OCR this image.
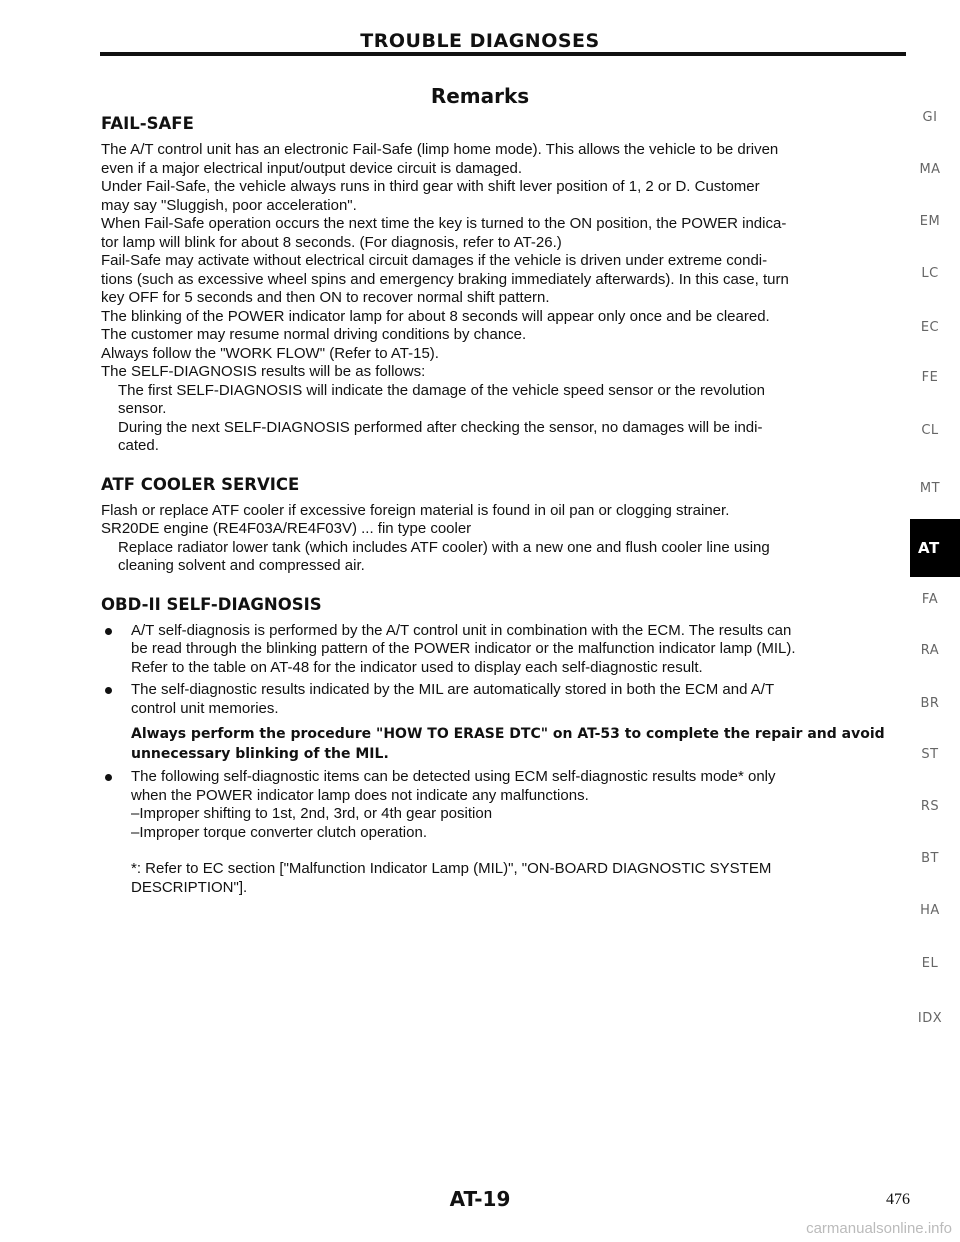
TROUBLE DIAGNOSES
Remarks
FAIL-SAFE

The A/T control unit has an electronic Fail-Safe (limp home mode). This allows the vehicle to be driven

even if a major electrical input/output device circuit is damaged.

Under Fail-Safe, the vehicle always runs in third gear with shift lever position of 1, 2 or D. Customer

may say "Sluggish, poor acceleration".

When Fail-Safe operation occurs the next time the key is turned to the ON position, the POWER indica-

tor lamp will blink for about 8 seconds. (For diagnosis, refer to AT-26.)

Fail-Safe may activate without electrical circuit damages if the vehicle is driven under extreme condi-

tions (such as excessive wheel spins and emergency braking immediately afterwards). In this case, turn

key OFF for 5 seconds and then ON to recover normal shift pattern.

The blinking of the POWER indicator lamp for about 8 seconds will appear only once and be cleared.

The customer may resume normal driving conditions by chance.

Always follow the "WORK FLOW" (Refer to AT-15).

The SELF-DIAGNOSIS results will be as follows:

The first SELF-DIAGNOSIS will indicate the damage of the vehicle speed sensor or the revolution

sensor.

During the next SELF-DIAGNOSIS performed after checking the sensor, no damages will be indi-

cated.

ATF COOLER SERVICE

Flash or replace ATF cooler if excessive foreign material is found in oil pan or clogging strainer.

SR20DE engine (RE4F03A/RE4F03V) ... fin type cooler

Replace radiator lower tank (which includes ATF cooler) with a new one and flush cooler line using

cleaning solvent and compressed air.

OBD-II SELF-DIAGNOSIS

A/T self-diagnosis is performed by the A/T control unit in combination with the ECM. The results can

be read through the blinking pattern of the POWER indicator or the malfunction indicator lamp (MIL).

Refer to the table on AT-48 for the indicator used to display each self-diagnostic result.

The self-diagnostic results indicated by the MIL are automatically stored in both the ECM and A/T

control unit memories.

Always perform the procedure "HOW TO ERASE DTC" on AT-53 to complete the repair and avoid
unnecessary blinking of the MIL.

The following self-diagnostic items can be detected using ECM self-diagnostic results mode* only

when the POWER indicator lamp does not indicate any malfunctions.

–Improper shifting to 1st, 2nd, 3rd, or 4th gear position

–Improper torque converter clutch operation.

*: Refer to EC section ["Malfunction Indicator Lamp (MIL)", "ON-BOARD DIAGNOSTIC SYSTEM

DESCRIPTION"].

GI
MA
EM
LC
EC
FE
CL
MT
AT
FA
RA
BR
ST
RS
BT
HA
EL
IDX
AT-19	476
carmanualsonline.info
